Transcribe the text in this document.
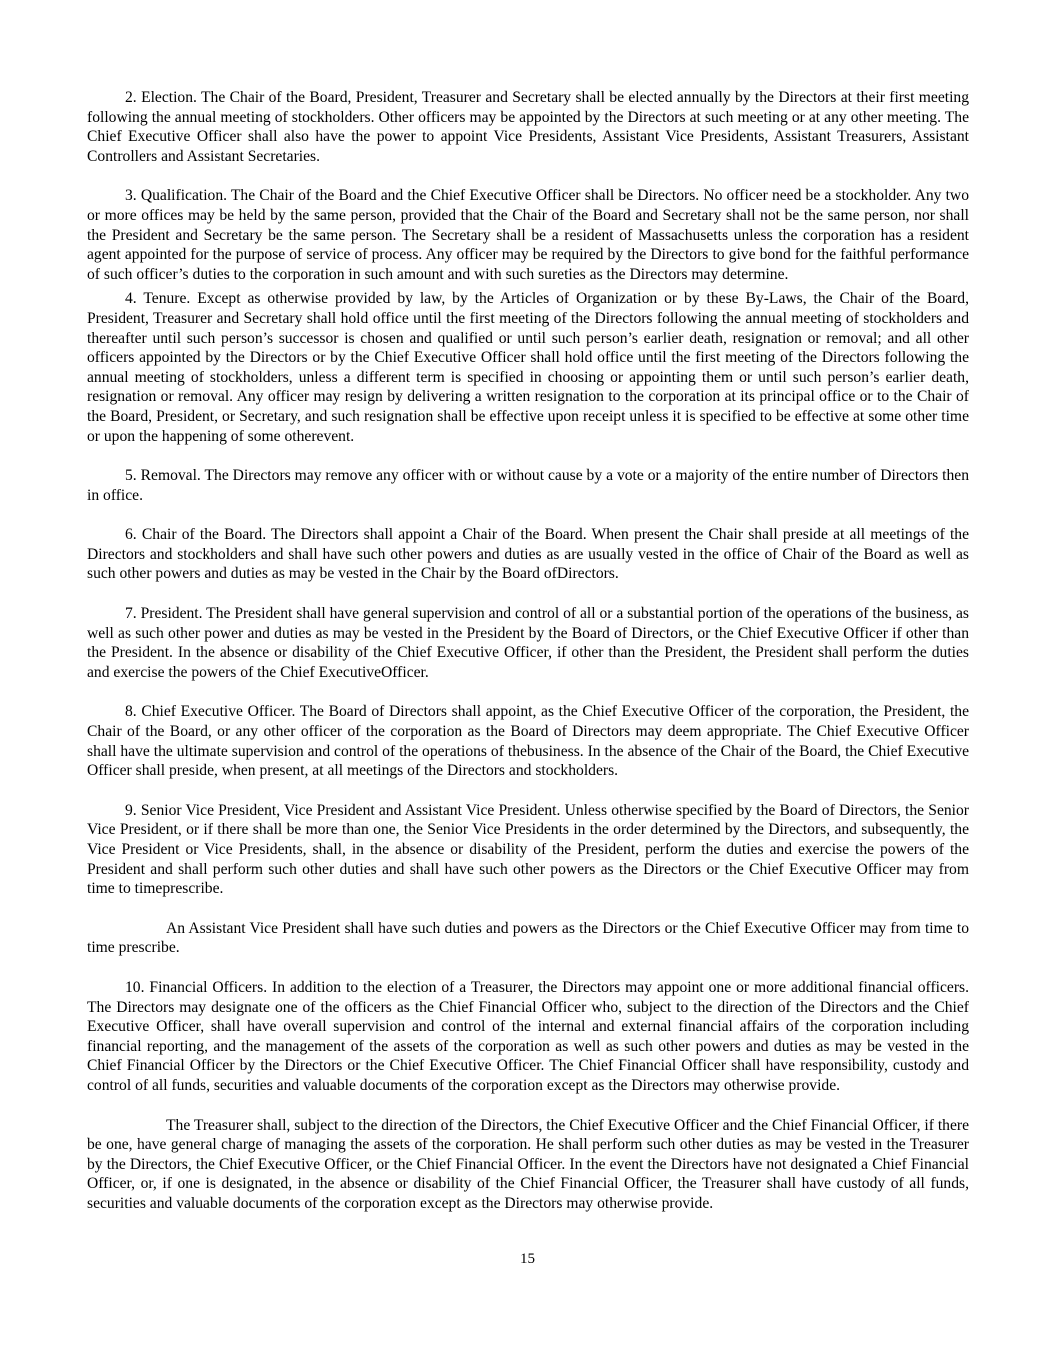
2. Election. The Chair of the Board, President, Treasurer and Secretary shall be elected annually by the Directors at their first meeting following the annual meeting of stockholders. Other officers may be appointed by the Directors at such meeting or at any other meeting. The Chief Executive Officer shall also have the power to appoint Vice Presidents, Assistant Vice Presidents, Assistant Treasurers, Assistant Controllers and Assistant Secretaries.

3. Qualification. The Chair of the Board and the Chief Executive Officer shall be Directors. No officer need be a stockholder. Any two or more offices may be held by the same person, provided that the Chair of the Board and Secretary shall not be the same person, nor shall the President and Secretary be the same person. The Secretary shall be a resident of Massachusetts unless the corporation has a resident agent appointed for the purpose of service of process. Any officer may be required by the Directors to give bond for the faithful performance of such officer’s duties to the corporation in such amount and with such sureties as the Directors may determine.

4. Tenure. Except as otherwise provided by law, by the Articles of Organization or by these By-Laws, the Chair of the Board, President, Treasurer and Secretary shall hold office until the first meeting of the Directors following the annual meeting of stockholders and thereafter until such person’s successor is chosen and qualified or until such person’s earlier death, resignation or removal; and all other officers appointed by the Directors or by the Chief Executive Officer shall hold office until the first meeting of the Directors following the annual meeting of stockholders, unless a different term is specified in choosing or appointing them or until such person’s earlier death, resignation or removal. Any officer may resign by delivering a written resignation to the corporation at its principal office or to the Chair of the Board, President, or Secretary, and such resignation shall be effective upon receipt unless it is specified to be effective at some other time or upon the happening of some otherevent.

5. Removal. The Directors may remove any officer with or without cause by a vote or a majority of the entire number of Directors then in office.

6. Chair of the Board. The Directors shall appoint a Chair of the Board. When present the Chair shall preside at all meetings of the Directors and stockholders and shall have such other powers and duties as are usually vested in the office of Chair of the Board as well as such other powers and duties as may be vested in the Chair by the Board ofDirectors.

7. President. The President shall have general supervision and control of all or a substantial portion of the operations of the business, as well as such other power and duties as may be vested in the President by the Board of Directors, or the Chief Executive Officer if other than the President. In the absence or disability of the Chief Executive Officer, if other than the President, the President shall perform the duties and exercise the powers of the Chief ExecutiveOfficer.

8. Chief Executive Officer. The Board of Directors shall appoint, as the Chief Executive Officer of the corporation, the President, the Chair of the Board, or any other officer of the corporation as the Board of Directors may deem appropriate. The Chief Executive Officer shall have the ultimate supervision and control of the operations of thebusiness. In the absence of the Chair of the Board, the Chief Executive Officer shall preside, when present, at all meetings of the Directors and stockholders.

9. Senior Vice President, Vice President and Assistant Vice President. Unless otherwise specified by the Board of Directors, the Senior Vice President, or if there shall be more than one, the Senior Vice Presidents in the order determined by the Directors, and subsequently, the Vice President or Vice Presidents, shall, in the absence or disability of the President, perform the duties and exercise the powers of the President and shall perform such other duties and shall have such other powers as the Directors or the Chief Executive Officer may from time to timeprescribe.

An Assistant Vice President shall have such duties and powers as the Directors or the Chief Executive Officer may from time to time prescribe.

10. Financial Officers. In addition to the election of a Treasurer, the Directors may appoint one or more additional financial officers. The Directors may designate one of the officers as the Chief Financial Officer who, subject to the direction of the Directors and the Chief Executive Officer, shall have overall supervision and control of the internal and external financial affairs of the corporation including financial reporting, and the management of the assets of the corporation as well as such other powers and duties as may be vested in the Chief Financial Officer by the Directors or the Chief Executive Officer. The Chief Financial Officer shall have responsibility, custody and control of all funds, securities and valuable documents of the corporation except as the Directors may otherwise provide.

The Treasurer shall, subject to the direction of the Directors, the Chief Executive Officer and the Chief Financial Officer, if there be one, have general charge of managing the assets of the corporation. He shall perform such other duties as may be vested in the Treasurer by the Directors, the Chief Executive Officer, or the Chief Financial Officer. In the event the Directors have not designated a Chief Financial Officer, or, if one is designated, in the absence or disability of the Chief Financial Officer, the Treasurer shall have custody of all funds, securities and valuable documents of the corporation except as the Directors may otherwise provide.

15
